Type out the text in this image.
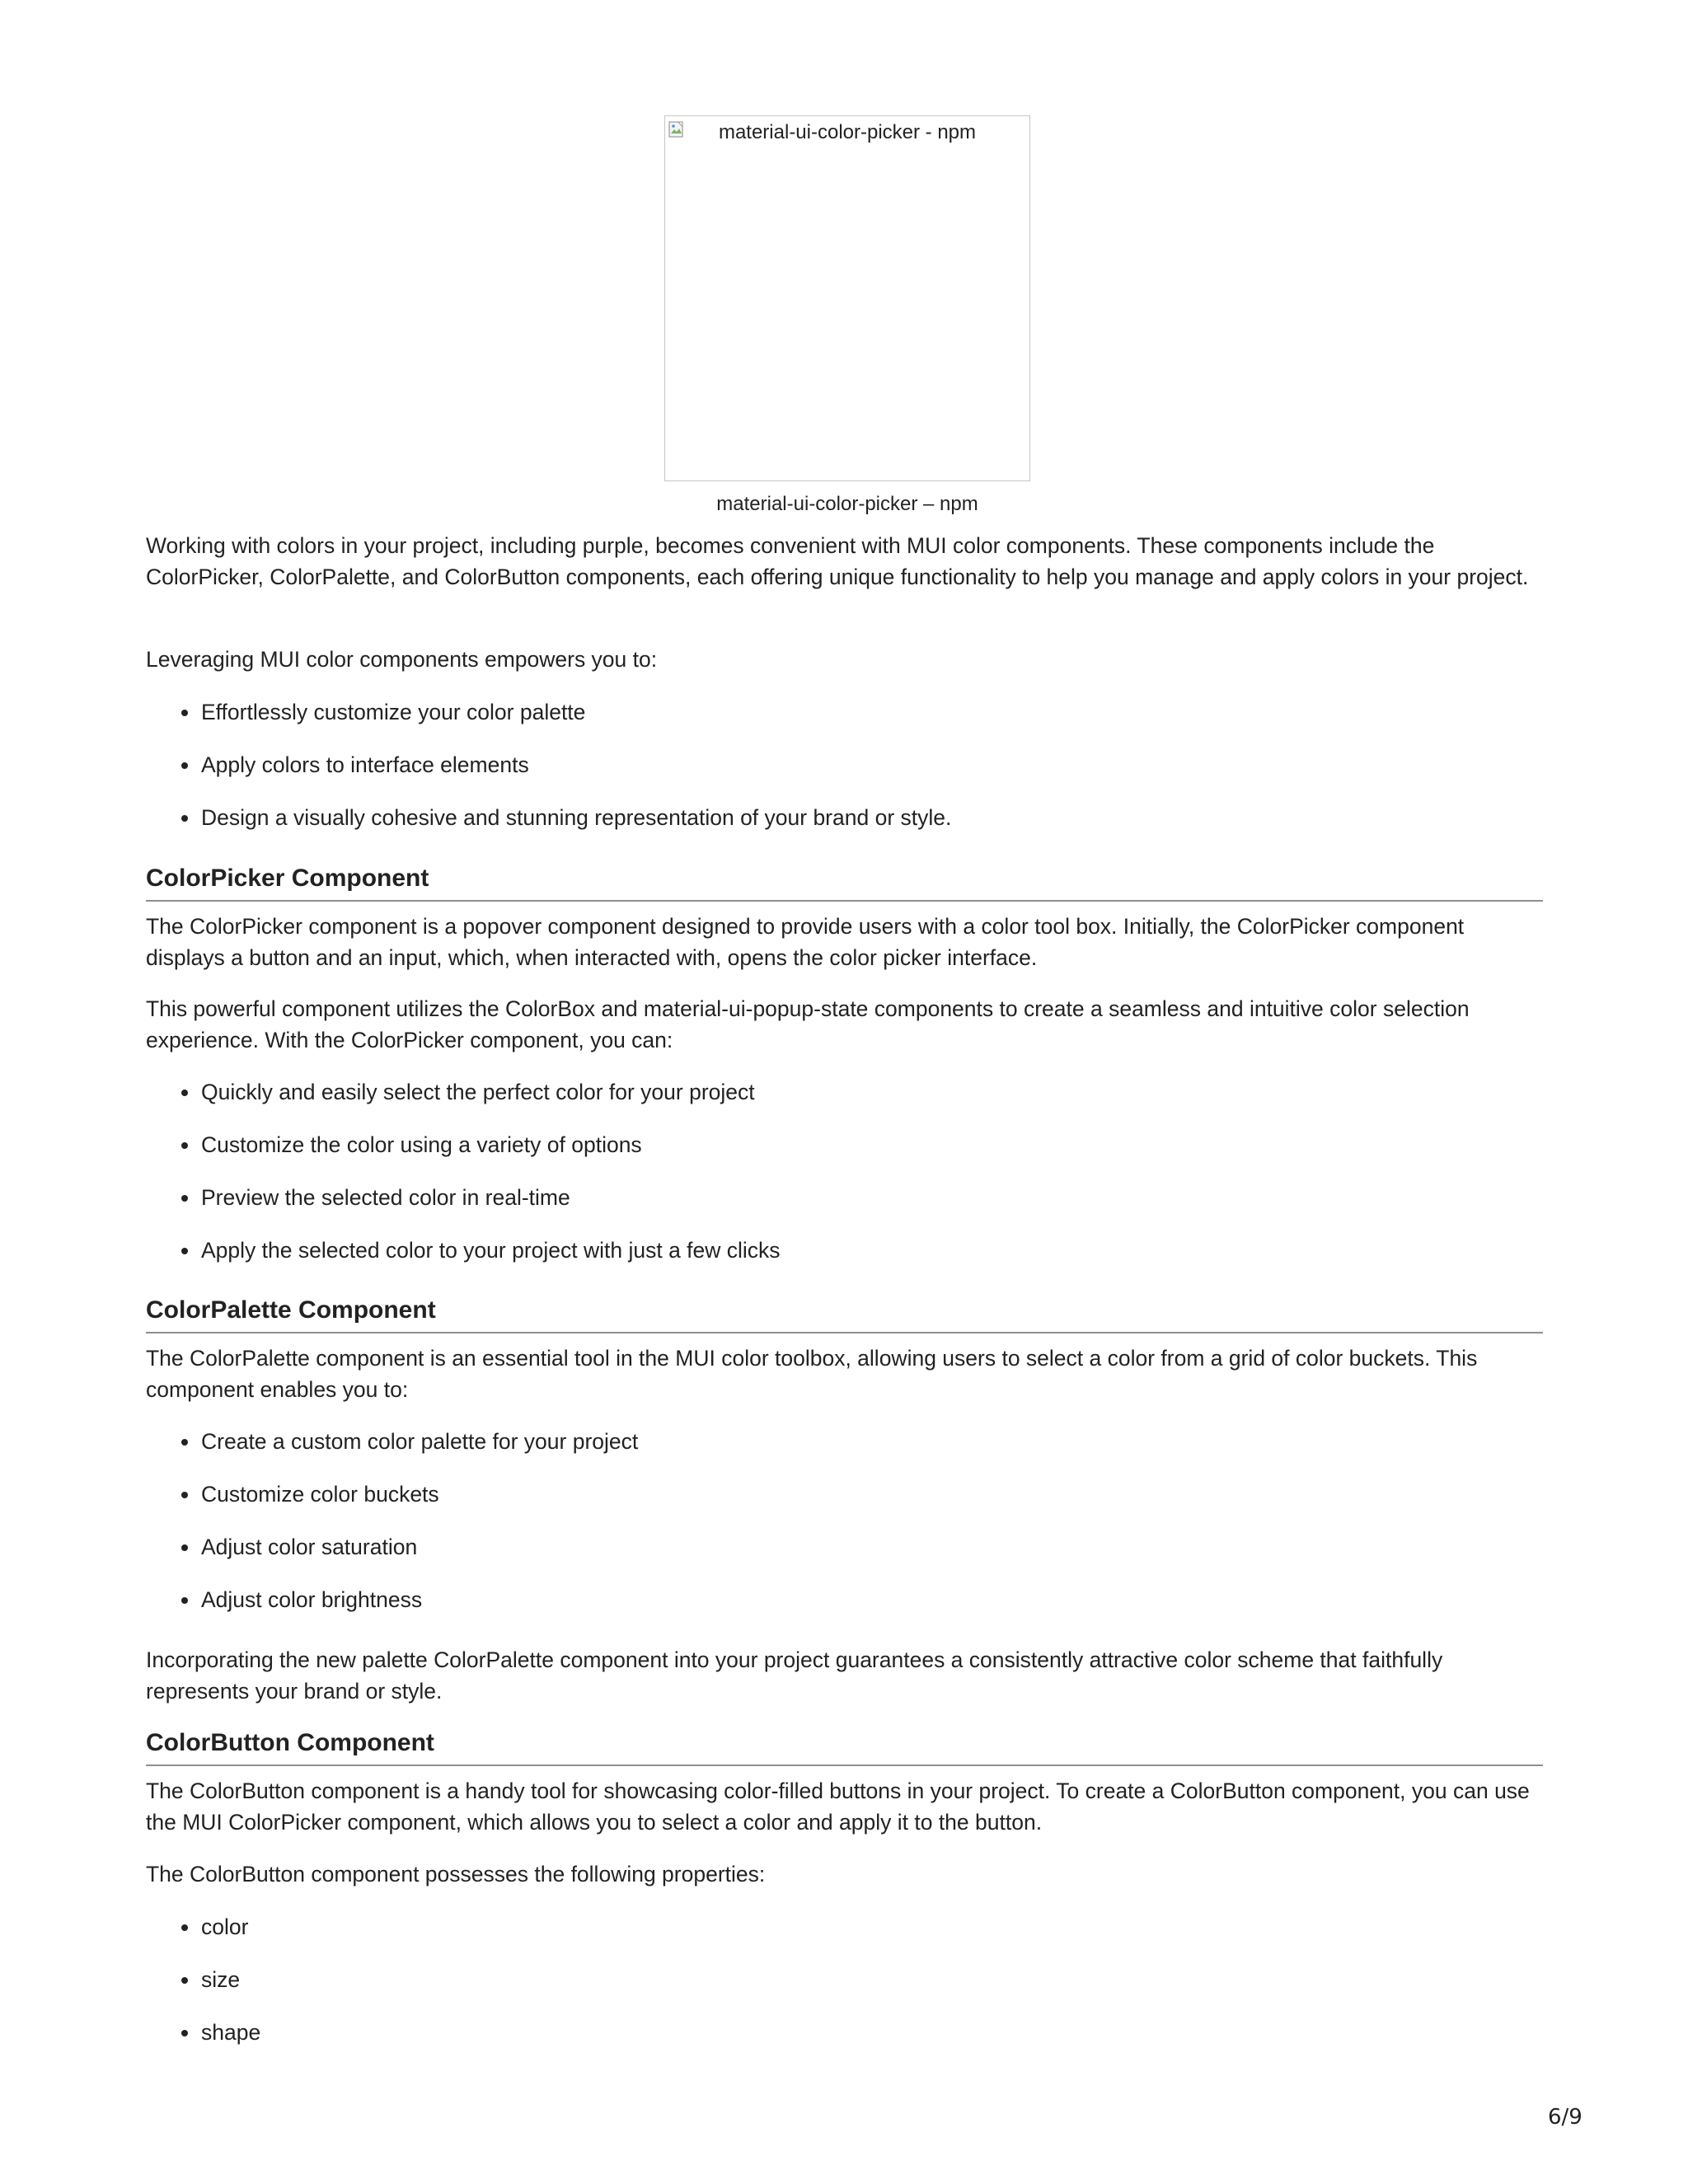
material-ui-color-picker - npm
material-ui-color-picker – npm

Working with colors in your project, including purple, becomes convenient with MUI color components. These components include the ColorPicker, ColorPalette, and ColorButton components, each offering unique functionality to help you manage and apply colors in your project.

Leveraging MUI color components empowers you to:

Effortlessly customize your color palette
Apply colors to interface elements
Design a visually cohesive and stunning representation of your brand or style.
ColorPicker Component

The ColorPicker component is a popover component designed to provide users with a color tool box. Initially, the ColorPicker component displays a button and an input, which, when interacted with, opens the color picker interface.

This powerful component utilizes the ColorBox and material-ui-popup-state components to create a seamless and intuitive color selection experience. With the ColorPicker component, you can:

Quickly and easily select the perfect color for your project
Customize the color using a variety of options
Preview the selected color in real-time
Apply the selected color to your project with just a few clicks
ColorPalette Component

The ColorPalette component is an essential tool in the MUI color toolbox, allowing users to select a color from a grid of color buckets. This component enables you to:

Create a custom color palette for your project
Customize color buckets
Adjust color saturation
Adjust color brightness

Incorporating the new palette ColorPalette component into your project guarantees a consistently attractive color scheme that faithfully represents your brand or style.

ColorButton Component

The ColorButton component is a handy tool for showcasing color-filled buttons in your project. To create a ColorButton component, you can use the MUI ColorPicker component, which allows you to select a color and apply it to the button.

The ColorButton component possesses the following properties:

color
size
shape
6/9
